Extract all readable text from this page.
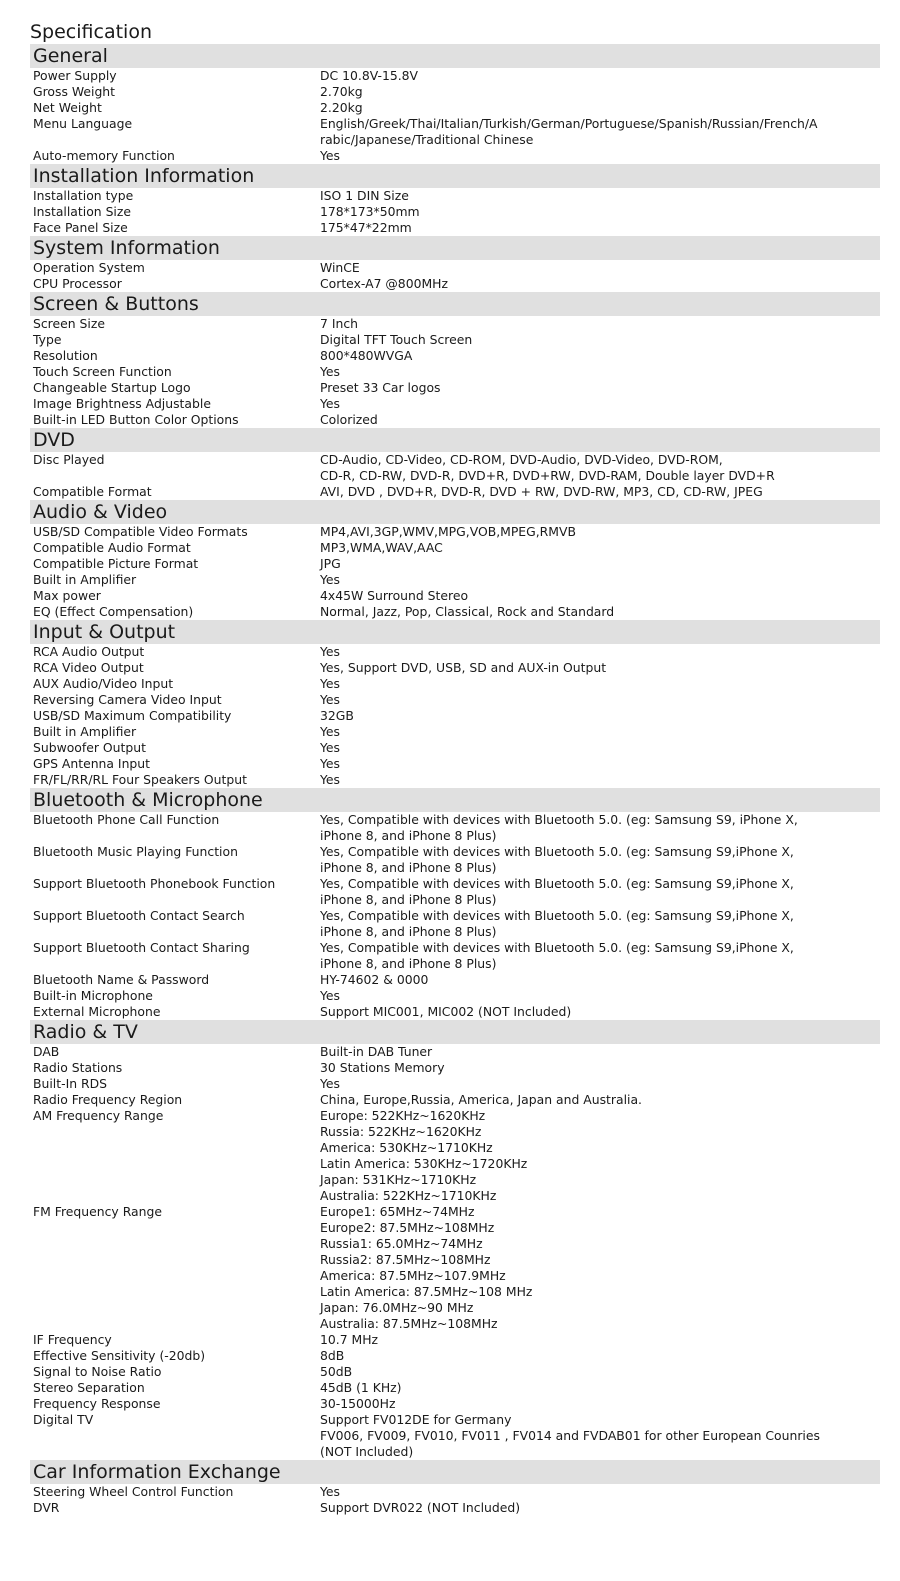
Specification
General
Power Supply	DC 10.8V-15.8V
Gross Weight	2.70kg
Net Weight	2.20kg
Menu Language	English/Greek/Thai/Italian/Turkish/German/Portuguese/Spanish/Russian/French/A
rabic/Japanese/Traditional Chinese
Auto-memory Function	Yes
Installation Information
Installation type	ISO 1 DIN Size
Installation Size	178*173*50mm
Face Panel Size	175*47*22mm
System Information
Operation System	WinCE
CPU Processor	Cortex-A7 @800MHz
Screen & Buttons
Screen Size	7 Inch
Type	Digital TFT Touch Screen
Resolution	800*480WVGA
Touch Screen Function	Yes
Changeable Startup Logo	Preset 33 Car logos
Image Brightness Adjustable	Yes
Built-in LED Button Color Options	Colorized
DVD
Disc Played	CD-Audio, CD-Video, CD-ROM, DVD-Audio, DVD-Video, DVD-ROM,
CD-R, CD-RW, DVD-R, DVD+R, DVD+RW, DVD-RAM, Double layer DVD+R
Compatible Format	AVI, DVD , DVD+R, DVD-R, DVD + RW, DVD-RW, MP3, CD, CD-RW, JPEG
Audio & Video
USB/SD Compatible Video Formats	MP4,AVI,3GP,WMV,MPG,VOB,MPEG,RMVB
Compatible Audio Format	MP3,WMA,WAV,AAC
Compatible Picture Format	JPG
Built in Amplifier	Yes
Max power	4x45W Surround Stereo
EQ (Effect Compensation)	Normal, Jazz, Pop, Classical, Rock and Standard
Input & Output
RCA Audio Output	Yes
RCA Video Output	Yes, Support DVD, USB, SD and AUX-in Output
AUX Audio/Video Input	Yes
Reversing Camera Video Input	Yes
USB/SD Maximum Compatibility	32GB
Built in Amplifier	Yes
Subwoofer Output	Yes
GPS Antenna Input	Yes
FR/FL/RR/RL Four Speakers Output	Yes
Bluetooth & Microphone
Bluetooth Phone Call Function	Yes, Compatible with devices with Bluetooth 5.0. (eg: Samsung S9, iPhone X,
iPhone 8, and iPhone 8 Plus)
Bluetooth Music Playing Function	Yes, Compatible with devices with Bluetooth 5.0. (eg: Samsung S9,iPhone X,
iPhone 8, and iPhone 8 Plus)
Support Bluetooth Phonebook Function	Yes, Compatible with devices with Bluetooth 5.0. (eg: Samsung S9,iPhone X,
iPhone 8, and iPhone 8 Plus)
Support Bluetooth Contact Search	Yes, Compatible with devices with Bluetooth 5.0. (eg: Samsung S9,iPhone X,
iPhone 8, and iPhone 8 Plus)
Support Bluetooth Contact Sharing	Yes, Compatible with devices with Bluetooth 5.0. (eg: Samsung S9,iPhone X,
iPhone 8, and iPhone 8 Plus)
Bluetooth Name & Password	HY-74602 & 0000
Built-in Microphone	Yes
External Microphone	Support MIC001, MIC002 (NOT Included)
Radio & TV
DAB	Built-in DAB Tuner
Radio Stations	30 Stations Memory
Built-In RDS	Yes
Radio Frequency Region	China, Europe,Russia, America, Japan and Australia.
AM Frequency Range	Europe: 522KHz~1620KHz
Russia: 522KHz~1620KHz
America: 530KHz~1710KHz
Latin America: 530KHz~1720KHz
Japan: 531KHz~1710KHz
Australia: 522KHz~1710KHz
FM Frequency Range	Europe1: 65MHz~74MHz
Europe2: 87.5MHz~108MHz
Russia1: 65.0MHz~74MHz
Russia2: 87.5MHz~108MHz
America: 87.5MHz~107.9MHz
Latin America: 87.5MHz~108 MHz
Japan: 76.0MHz~90 MHz
Australia: 87.5MHz~108MHz
IF Frequency	10.7 MHz
Effective Sensitivity (-20db)	8dB
Signal to Noise Ratio	50dB
Stereo Separation	45dB (1 KHz)
Frequency Response	30-15000Hz
Digital TV	Support FV012DE for Germany
FV006, FV009, FV010, FV011 , FV014 and FVDAB01 for other European Counries
(NOT Included)
Car Information Exchange
Steering Wheel Control Function	Yes
DVR	Support DVR022 (NOT Included)
